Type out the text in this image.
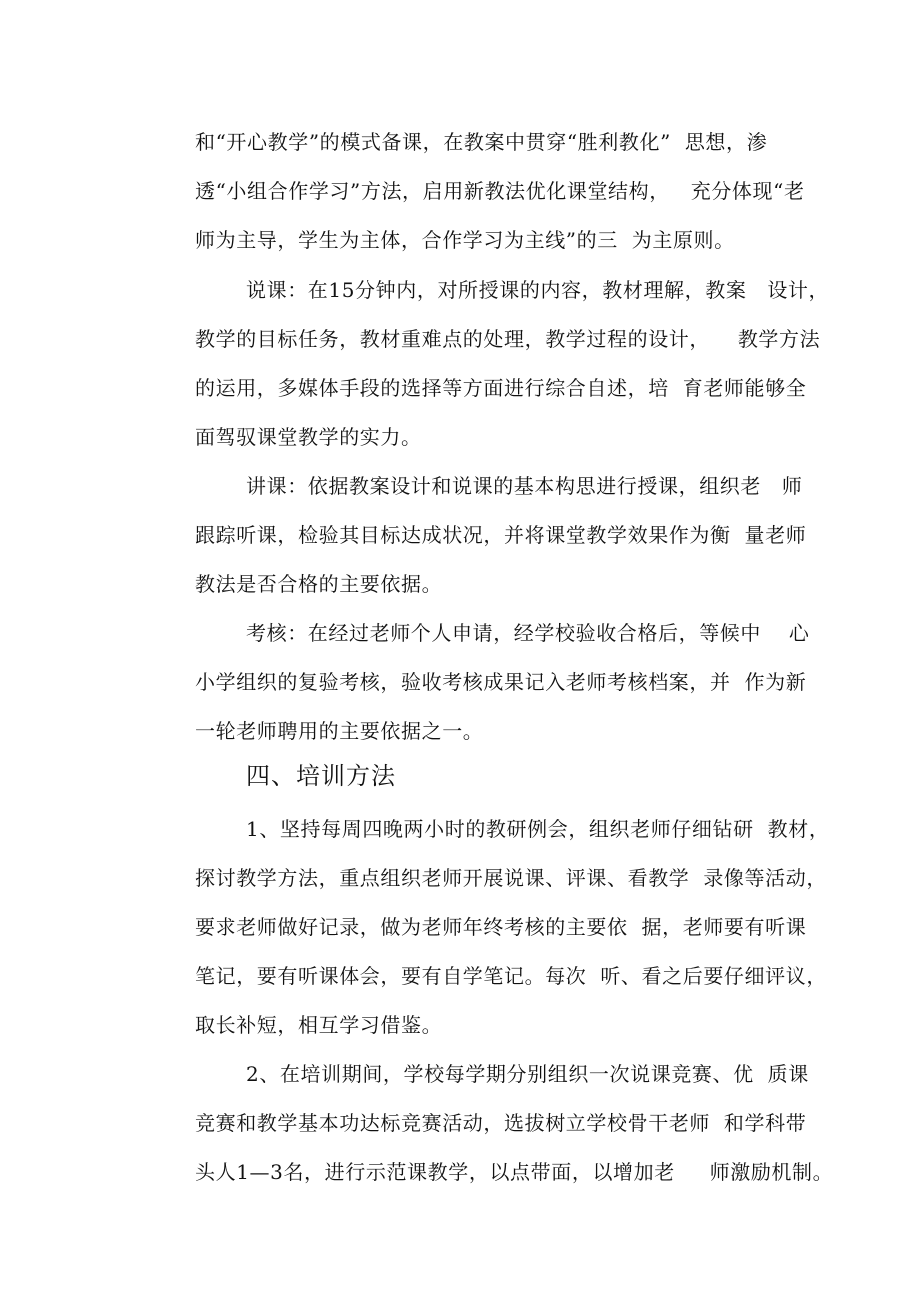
和“开心教学”的模式备课，在教案中贯穿“胜利教化”  思想，渗
透“小组合作学习”方法，启用新教法优化课堂结构，   充分体现“老
师为主导，学生为主体，合作学习为主线”的三  为主原则。
说课：在15分钟内，对所授课的内容，教材理解，教案   设计，
教学的目标任务，教材重难点的处理，教学过程的设计，    教学方法
的运用，多媒体手段的选择等方面进行综合自述，培  育老师能够全
面驾驭课堂教学的实力。
讲课：依据教案设计和说课的基本构思进行授课，组织老   师
跟踪听课，检验其目标达成状况，并将课堂教学效果作为衡  量老师
教法是否合格的主要依据。
考核：在经过老师个人申请，经学校验收合格后，等候中    心
小学组织的复验考核，验收考核成果记入老师考核档案，并  作为新
一轮老师聘用的主要依据之一。
四、培训方法
1、坚持每周四晚两小时的教研例会，组织老师仔细钻研  教材，
探讨教学方法，重点组织老师开展说课、评课、看教学  录像等活动，
要求老师做好记录，做为老师年终考核的主要依  据，老师要有听课
笔记，要有听课体会，要有自学笔记。每次  听、看之后要仔细评议，
取长补短，相互学习借鉴。
2、在培训期间，学校每学期分别组织一次说课竞赛、优  质课
竞赛和教学基本功达标竞赛活动，选拔树立学校骨干老师  和学科带
头人1—3名，进行示范课教学，以点带面，以增加老     师激励机制。
